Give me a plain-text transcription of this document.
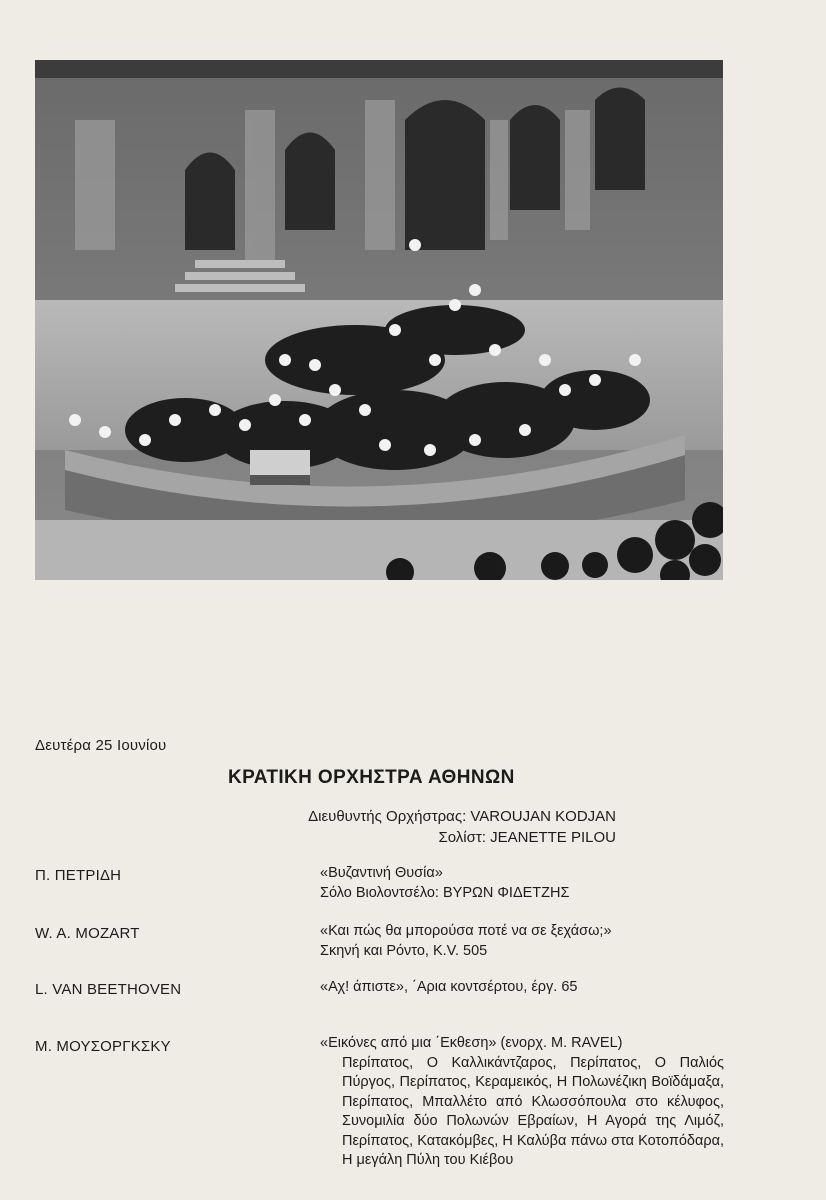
Δευτέρα 25 Ιουνίου
ΚΡΑΤΙΚΗ ΟΡΧΗΣΤΡΑ ΑΘΗΝΩΝ
Διευθυντής Ορχήστρας: VAROUJAN KODJAN
Σολίστ: JEANETTE PILOU
Π. ΠΕΤΡΙΔΗ	«Βυζαντινή Θυσία»
Σόλο Βιολοντσέλο: ΒΥΡΩΝ ΦΙΔΕΤΖΗΣ
W. A. MOZART	«Και πώς θα μπορούσα ποτέ να σε ξεχάσω;»
Σκηνή και Ρόντο, Κ.V. 505
L. VAN BEETHOVEN	«Αχ! άπιστε», ΄Αρια κοντσέρτου, έργ. 65
Μ. ΜΟΥΣΟΡΓΚΣΚΥ	«Εικόνες από μια ΄Εκθεση» (ενορχ. Μ. RAVEL)
Περίπατος, Ο Καλλικάντζαρος, Περίπατος, Ο Παλιός Πύργος, Περίπατος, Κεραμεικός, Η Πολωνέζικη Βοϊδάμαξα, Περίπατος, Μπαλλέτο από Κλωσσόπουλα στο κέλυφος, Συνομιλία δύο Πολωνών Εβραίων, Η Αγορά της Λιμόζ, Περίπατος, Κατακόμβες, Η Καλύβα πάνω στα Κοτοπόδαρα, Η μεγάλη Πύλη του Κιέβου
